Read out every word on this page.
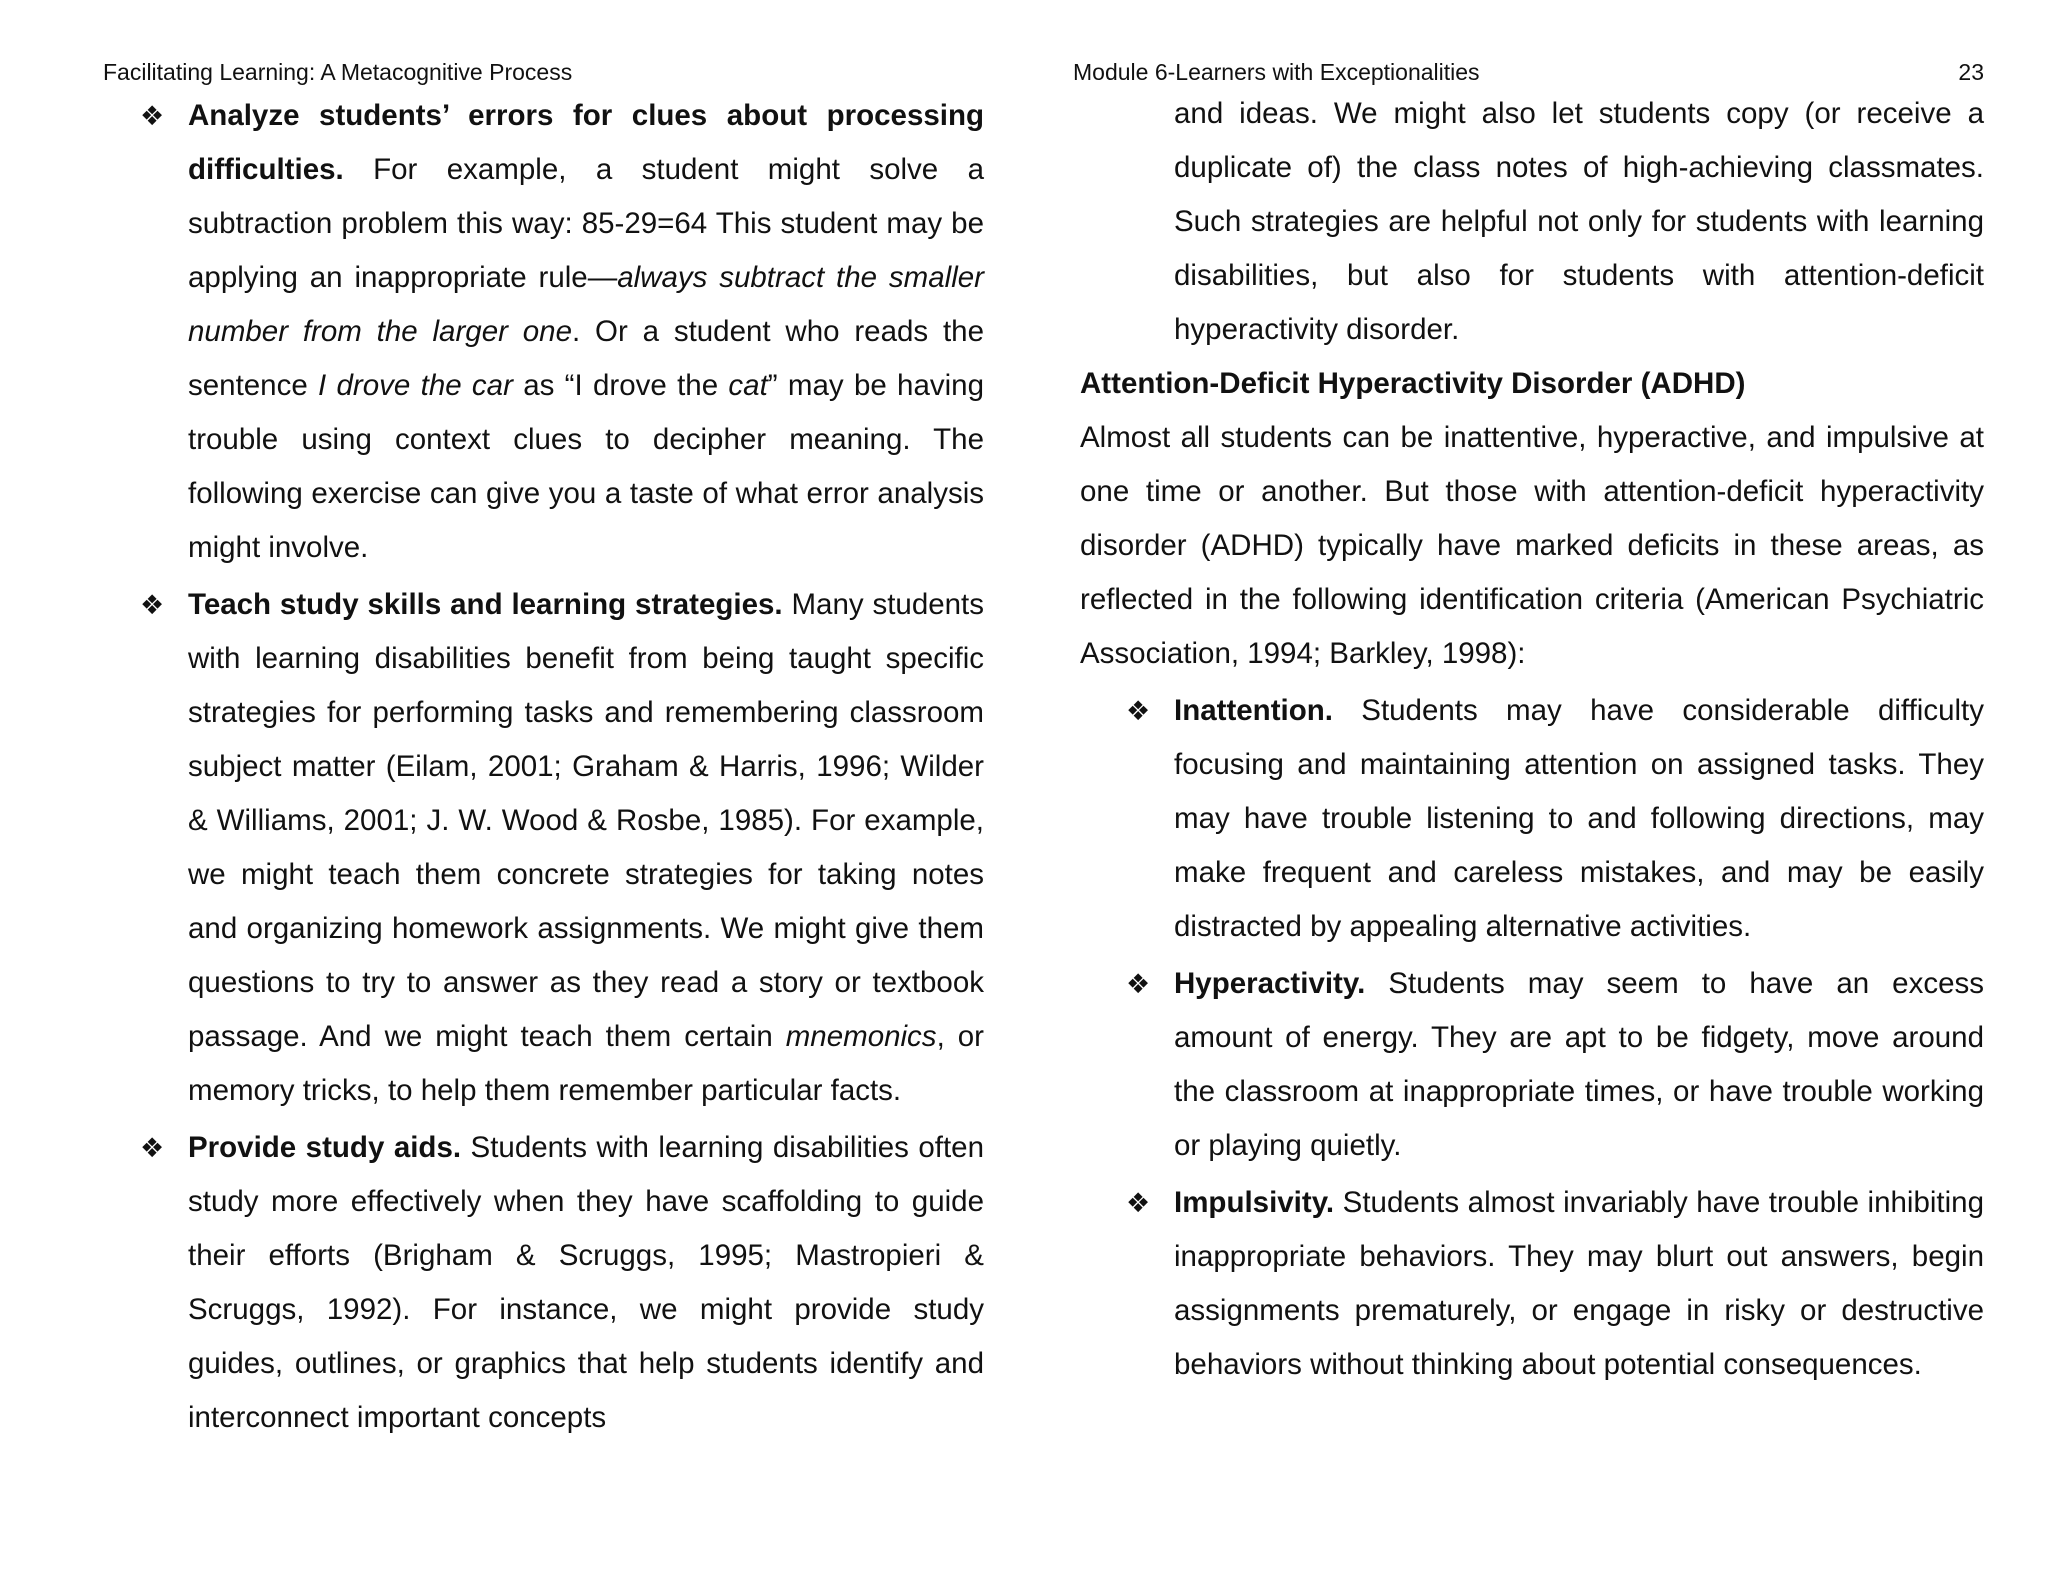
Facilitating Learning: A Metacognitive Process
❖ Analyze students’ errors for clues about processing difficulties. For example, a student might solve a subtraction problem this way: 85-29=64 This student may be applying an inappropriate rule—always subtract the smaller number from the larger one. Or a student who reads the sentence I drove the car as “I drove the cat” may be having trouble using context clues to decipher meaning. The following exercise can give you a taste of what error analysis might involve.
❖ Teach study skills and learning strategies. Many students with learning disabilities benefit from being taught specific strategies for performing tasks and remembering classroom subject matter (Eilam, 2001; Graham & Harris, 1996; Wilder & Williams, 2001; J. W. Wood & Rosbe, 1985). For example, we might teach them concrete strategies for taking notes and organizing homework assignments. We might give them questions to try to answer as they read a story or textbook passage. And we might teach them certain mnemonics, or memory tricks, to help them remember particular facts.
❖ Provide study aids. Students with learning disabilities often study more effectively when they have scaffolding to guide their efforts (Brigham & Scruggs, 1995; Mastropieri & Scruggs, 1992). For instance, we might provide study guides, outlines, or graphics that help students identify and interconnect important concepts
Module 6-Learners with Exceptionalities	23

and ideas. We might also let students copy (or receive a duplicate of) the class notes of high-achieving classmates. Such strategies are helpful not only for students with learning disabilities, but also for students with attention-deficit hyperactivity disorder.

Attention-Deficit Hyperactivity Disorder (ADHD)

Almost all students can be inattentive, hyperactive, and impulsive at one time or another. But those with attention-deficit hyperactivity disorder (ADHD) typically have marked deficits in these areas, as reflected in the following identification criteria (American Psychiatric Association, 1994; Barkley, 1998):

❖ Inattention. Students may have considerable difficulty focusing and maintaining attention on assigned tasks. They may have trouble listening to and following directions, may make frequent and careless mistakes, and may be easily distracted by appealing alternative activities.
❖ Hyperactivity. Students may seem to have an excess amount of energy. They are apt to be fidgety, move around the classroom at inappropriate times, or have trouble working or playing quietly.
❖ Impulsivity. Students almost invariably have trouble inhibiting inappropriate behaviors. They may blurt out answers, begin assignments prematurely, or engage in risky or destructive behaviors without thinking about potential consequences.
